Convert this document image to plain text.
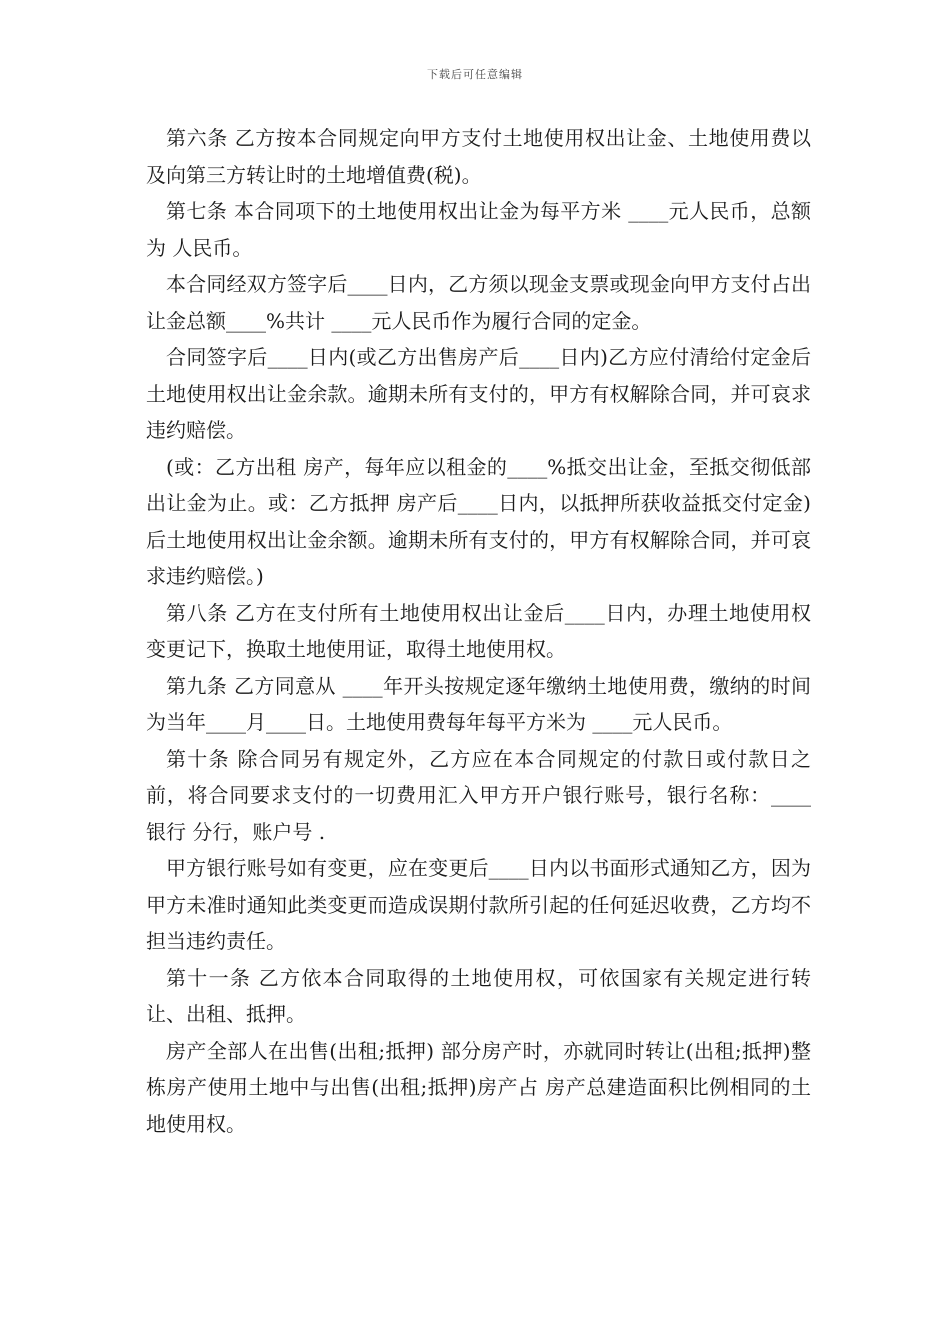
下载后可任意编辑

第六条 乙方按本合同规定向甲方支付土地使用权出让金、土地使用费以及向第三方转让时的土地增值费(税)。

第七条 本合同项下的土地使用权出让金为每平方米 ____元人民币，总额为 人民币。

本合同经双方签字后____日内，乙方须以现金支票或现金向甲方支付占出让金总额____%共计 ____元人民币作为履行合同的定金。

合同签字后____日内(或乙方出售房产后____日内)乙方应付清给付定金后土地使用权出让金余款。逾期未所有支付的，甲方有权解除合同，并可哀求违约赔偿。

(或：乙方出租 房产，每年应以租金的____%抵交出让金，至抵交彻低部出让金为止。或：乙方抵押 房产后____日内，以抵押所获收益抵交付定金)后土地使用权出让金余额。逾期未所有支付的，甲方有权解除合同，并可哀求违约赔偿。)

第八条 乙方在支付所有土地使用权出让金后____日内，办理土地使用权变更记下，换取土地使用证，取得土地使用权。

第九条 乙方同意从 ____年开头按规定逐年缴纳土地使用费，缴纳的时间为当年____月____日。土地使用费每年每平方米为 ____元人民币。

第十条 除合同另有规定外，乙方应在本合同规定的付款日或付款日之前，将合同要求支付的一切费用汇入甲方开户银行账号，银行名称：____ 银行 分行，账户号 .

甲方银行账号如有变更，应在变更后____日内以书面形式通知乙方，因为甲方未准时通知此类变更而造成误期付款所引起的任何延迟收费，乙方均不担当违约责任。

第十一条 乙方依本合同取得的土地使用权，可依国家有关规定进行转让、出租、抵押。

房产全部人在出售(出租;抵押) 部分房产时，亦就同时转让(出租;抵押)整栋房产使用土地中与出售(出租;抵押)房产占 房产总建造面积比例相同的土地使用权。
